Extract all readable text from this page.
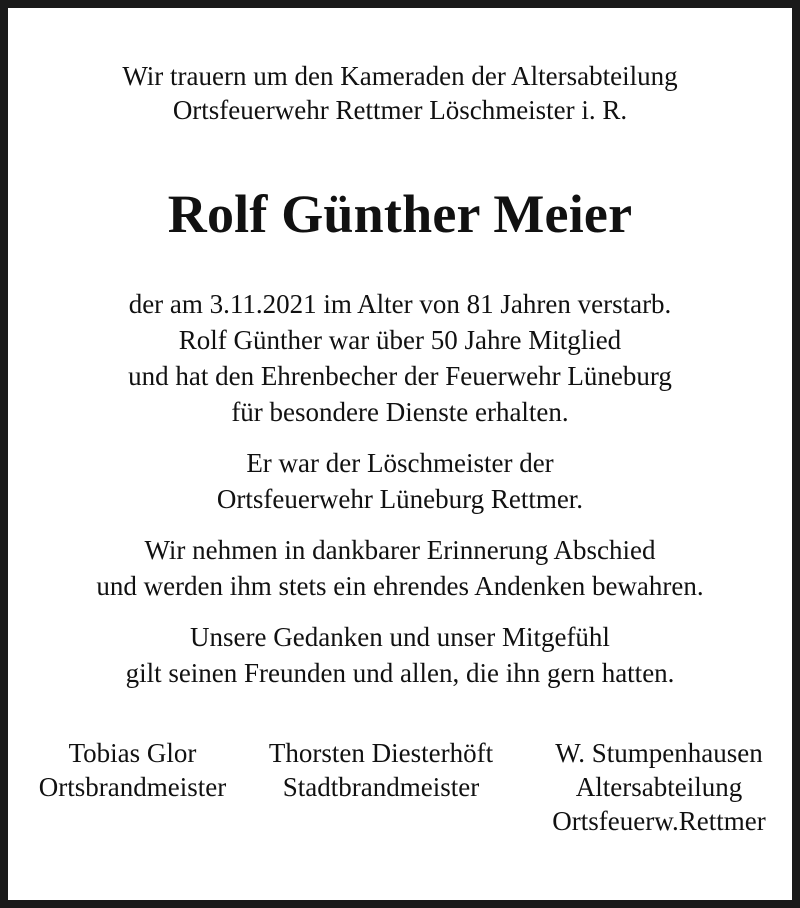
Wir trauern um den Kameraden der Altersabteilung
Ortsfeuerwehr Rettmer Löschmeister i. R.
Rolf Günther Meier
der am 3.11.2021 im Alter von 81 Jahren verstarb.
Rolf Günther war über 50 Jahre Mitglied
und hat den Ehrenbecher der Feuerwehr Lüneburg
für besondere Dienste erhalten.
Er war der Löschmeister der
Ortsfeuerwehr Lüneburg Rettmer.
Wir nehmen in dankbarer Erinnerung Abschied
und werden ihm stets ein ehrendes Andenken bewahren.
Unsere Gedanken und unser Mitgefühl
gilt seinen Freunden und allen, die ihn gern hatten.
Tobias Glor
Ortsbrandmeister
Thorsten Diesterhöft
Stadtbrandmeister
W. Stumpenhausen
Altersabteilung
Ortsfeuerw.Rettmer
